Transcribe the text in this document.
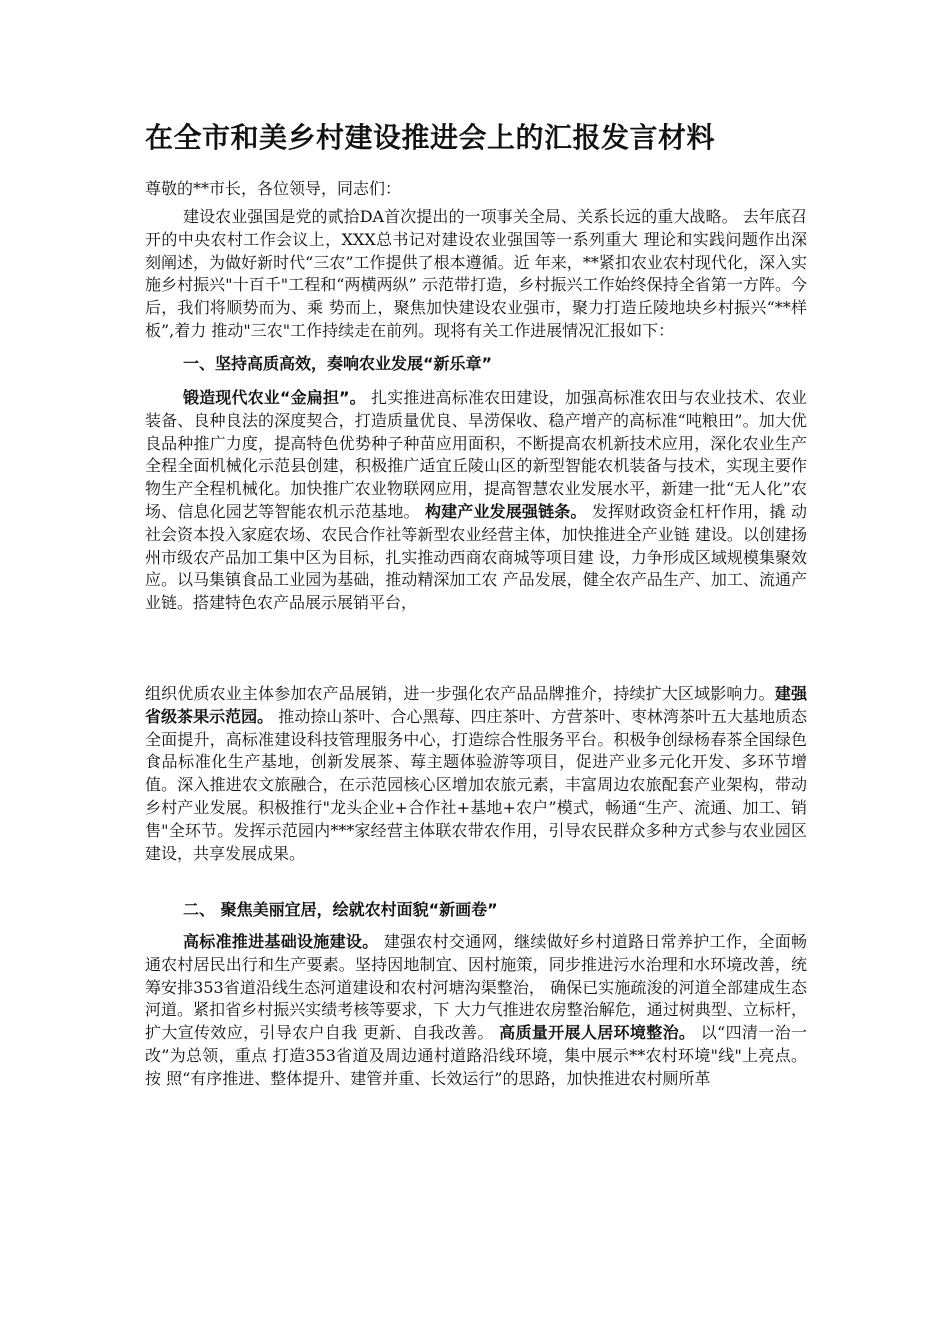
在全市和美乡村建设推进会上的汇报发言材料
尊敬的**市长，各位领导，同志们：
建设农业强国是党的贰拾DA首次提出的一项事关全局、关系长远的重大战略。 去年底召开的中央农村工作会议上，XXX总书记对建设农业强国等一系列重大 理论和实践问题作出深刻阐述，为做好新时代“三农”工作提供了根本遵循。近 年来，**紧扣农业农村现代化，深入实施乡村振兴"十百千"工程和“两横两纵” 示范带打造，乡村振兴工作始终保持全省第一方阵。今后，我们将顺势而为、乘 势而上，聚焦加快建设农业强市，聚力打造丘陵地块乡村振兴“**样板”,着力 推动"三农"工作持续走在前列。现将有关工作进展情况汇报如下：
一、坚持高质高效，奏响农业发展“新乐章”
锻造现代农业“金扁担”。 扎实推进高标准农田建设，加强高标准农田与农业技术、农业装备、良种良法的深度契合，打造质量优良、旱涝保收、稳产增产的高标准“吨粮田”。加大优良品种推广力度，提高特色优势种子种苗应用面积，不断提高农机新技术应用，深化农业生产全程全面机械化示范县创建，积极推广适宜丘陵山区的新型智能农机装备与技术，实现主要作物生产全程机械化。加快推广农业物联网应用，提高智慧农业发展水平，新建一批“无人化”农场、信息化园艺等智能农机示范基地。 构建产业发展强链条。 发挥财政资金杠杆作用，撬 动社会资本投入家庭农场、农民合作社等新型农业经营主体，加快推进全产业链 建设。以创建扬州市级农产品加工集中区为目标，扎实推动西商农商城等项目建 设，力争形成区域规模集聚效应。以马集镇食品工业园为基础，推动精深加工农 产品发展，健全农产品生产、加工、流通产业链。搭建特色农产品展示展销平台，
组织优质农业主体参加农产品展销，进一步强化农产品品牌推介，持续扩大区域影响力。建强省级茶果示范园。 推动捺山茶叶、合心黑莓、四庄茶叶、方营茶叶、枣林湾茶叶五大基地质态全面提升，高标准建设科技管理服务中心，打造综合性服务平台。积极争创绿杨春茶全国绿色食品标准化生产基地，创新发展茶、莓主题体验游等项目，促进产业多元化开发、多环节增值。深入推进农文旅融合，在示范园核心区增加农旅元素，丰富周边农旅配套产业架构，带动乡村产业发展。积极推行"龙头企业+合作社+基地+农户”模式，畅通“生产、流通、加工、销售"全环节。发挥示范园内***家经营主体联农带农作用，引导农民群众多种方式参与农业园区建设，共享发展成果。
二、 聚焦美丽宜居，绘就农村面貌“新画卷”
高标准推进基础设施建设。 建强农村交通网，继续做好乡村道路日常养护工作，全面畅通农村居民出行和生产要素。坚持因地制宜、因村施策，同步推进污水治理和水环境改善，统筹安排353省道沿线生态河道建设和农村河塘沟渠整治， 确保已实施疏浚的河道全部建成生态河道。紧扣省乡村振兴实绩考核等要求，下 大力气推进农房整治解危，通过树典型、立标杆，扩大宣传效应，引导农户自我 更新、自我改善。 高质量开展人居环境整治。 以“四清一治一改”为总领，重点 打造353省道及周边通村道路沿线环境，集中展示**农村环境"线"上亮点。按 照“有序推进、整体提升、建管并重、长效运行”的思路，加快推进农村厕所革
